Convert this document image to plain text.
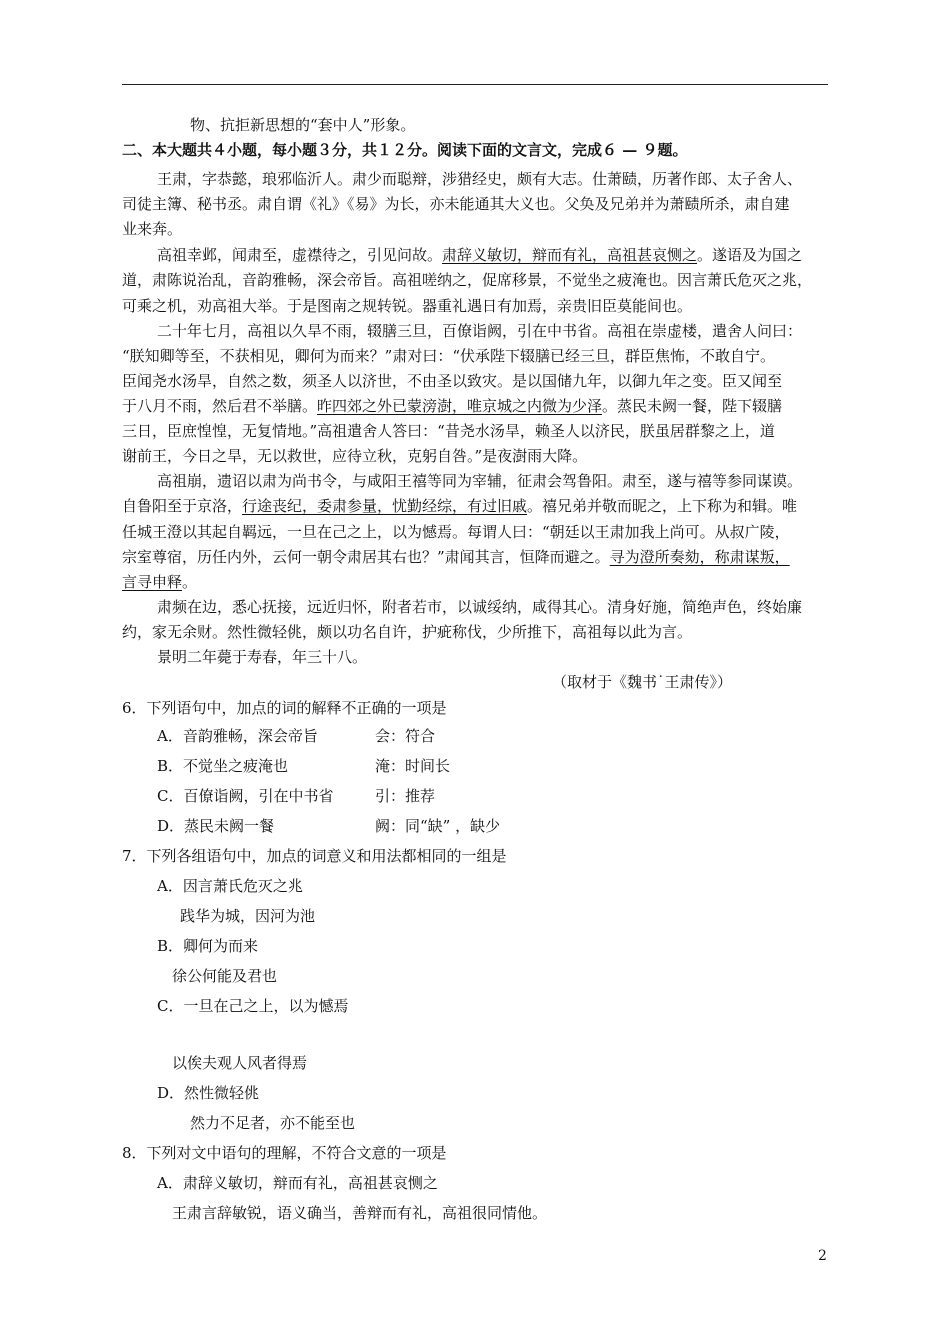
物、抗拒新思想的“套中人”形象。
二、本大题共４小题，每小题３分，共１２分。阅读下面的文言文，完成６ — ９题。
王肃，字恭懿，琅邪临沂人。肃少而聪辩，涉猎经史，颇有大志。仕萧赜，历著作郎、太子舍人、
司徒主簿、秘书丞。肃自谓《礼》《易》为长，亦未能通其大义也。父奂及兄弟并为萧赜所杀，肃自建
业来奔。
高祖幸邺，闻肃至，虚襟待之，引见问故。肃辞义敏切，辩而有礼，高祖甚哀恻之。遂语及为国之
道，肃陈说治乱，音韵雅畅，深会帝旨。高祖嗟纳之，促席移景，不觉坐之疲淹也。因言萧氏危灭之兆，
可乘之机，劝高祖大举。于是图南之规转锐。器重礼遇日有加焉，亲贵旧臣莫能间也。
二十年七月，高祖以久旱不雨，辍膳三旦，百僚诣阙，引在中书省。高祖在崇虚楼，遣舍人问曰：
“朕知卿等至，不获相见，卿何为而来？”肃对曰：“伏承陛下辍膳已经三旦，群臣焦怖，不敢自宁。
臣闻尧水汤旱，自然之数，须圣人以济世，不由圣以致灾。是以国储九年，以御九年之变。臣又闻至
于八月不雨，然后君不举膳。昨四郊之外已蒙滂澍，唯京城之内微为少泽。蒸民未阙一餐，陛下辍膳
三日，臣庶惶惶，无复情地。”高祖遣舍人答曰：“昔尧水汤旱，赖圣人以济民，朕虽居群黎之上，道
谢前王，今日之旱，无以救世，应待立秋，克躬自咎。”是夜澍雨大降。
高祖崩，遗诏以肃为尚书令，与咸阳王禧等同为宰辅，征肃会驾鲁阳。肃至，遂与禧等参同谋谟。
自鲁阳至于京洛，行途丧纪，委肃参量，忧勤经综，有过旧戚。禧兄弟并敬而昵之，上下称为和辑。唯
任城王澄以其起自羁远，一旦在己之上，以为憾焉。每谓人曰：“朝廷以王肃加我上尚可。从叔广陵，
宗室尊宿，历任内外，云何一朝令肃居其右也？”肃闻其言，恒降而避之。寻为澄所奏劾，称肃谋叛，
言寻申释。
肃频在边，悉心抚接，远近归怀，附者若市，以诚绥纳，咸得其心。清身好施，简绝声色，终始廉
约，家无余财。然性微轻佻，颇以功名自许，护疵称伐，少所推下，高祖每以此为言。
景明二年薨于寿春，年三十八。
（取材于《魏书˙王肃传》）
6．下列语句中，加点的词的解释不正确的一项是
A．音韵雅畅，深会帝旨	会：符合
B．不觉坐之疲淹也	淹：时间长
C．百僚诣阙，引在中书省	引：推荐
D．蒸民未阙一餐	阙：同“缺” ，缺少
7．下列各组语句中，加点的词意义和用法都相同的一组是
A．因言萧氏危灭之兆
践华为城，因河为池
B．卿何为而来
徐公何能及君也
C．一旦在己之上，以为憾焉
以俟夫观人风者得焉
D．然性微轻佻
然力不足者，亦不能至也
8．下列对文中语句的理解，不符合文意的一项是
A．肃辞义敏切，辩而有礼，高祖甚哀恻之
王肃言辞敏锐，语义确当，善辩而有礼，高祖很同情他。
2
